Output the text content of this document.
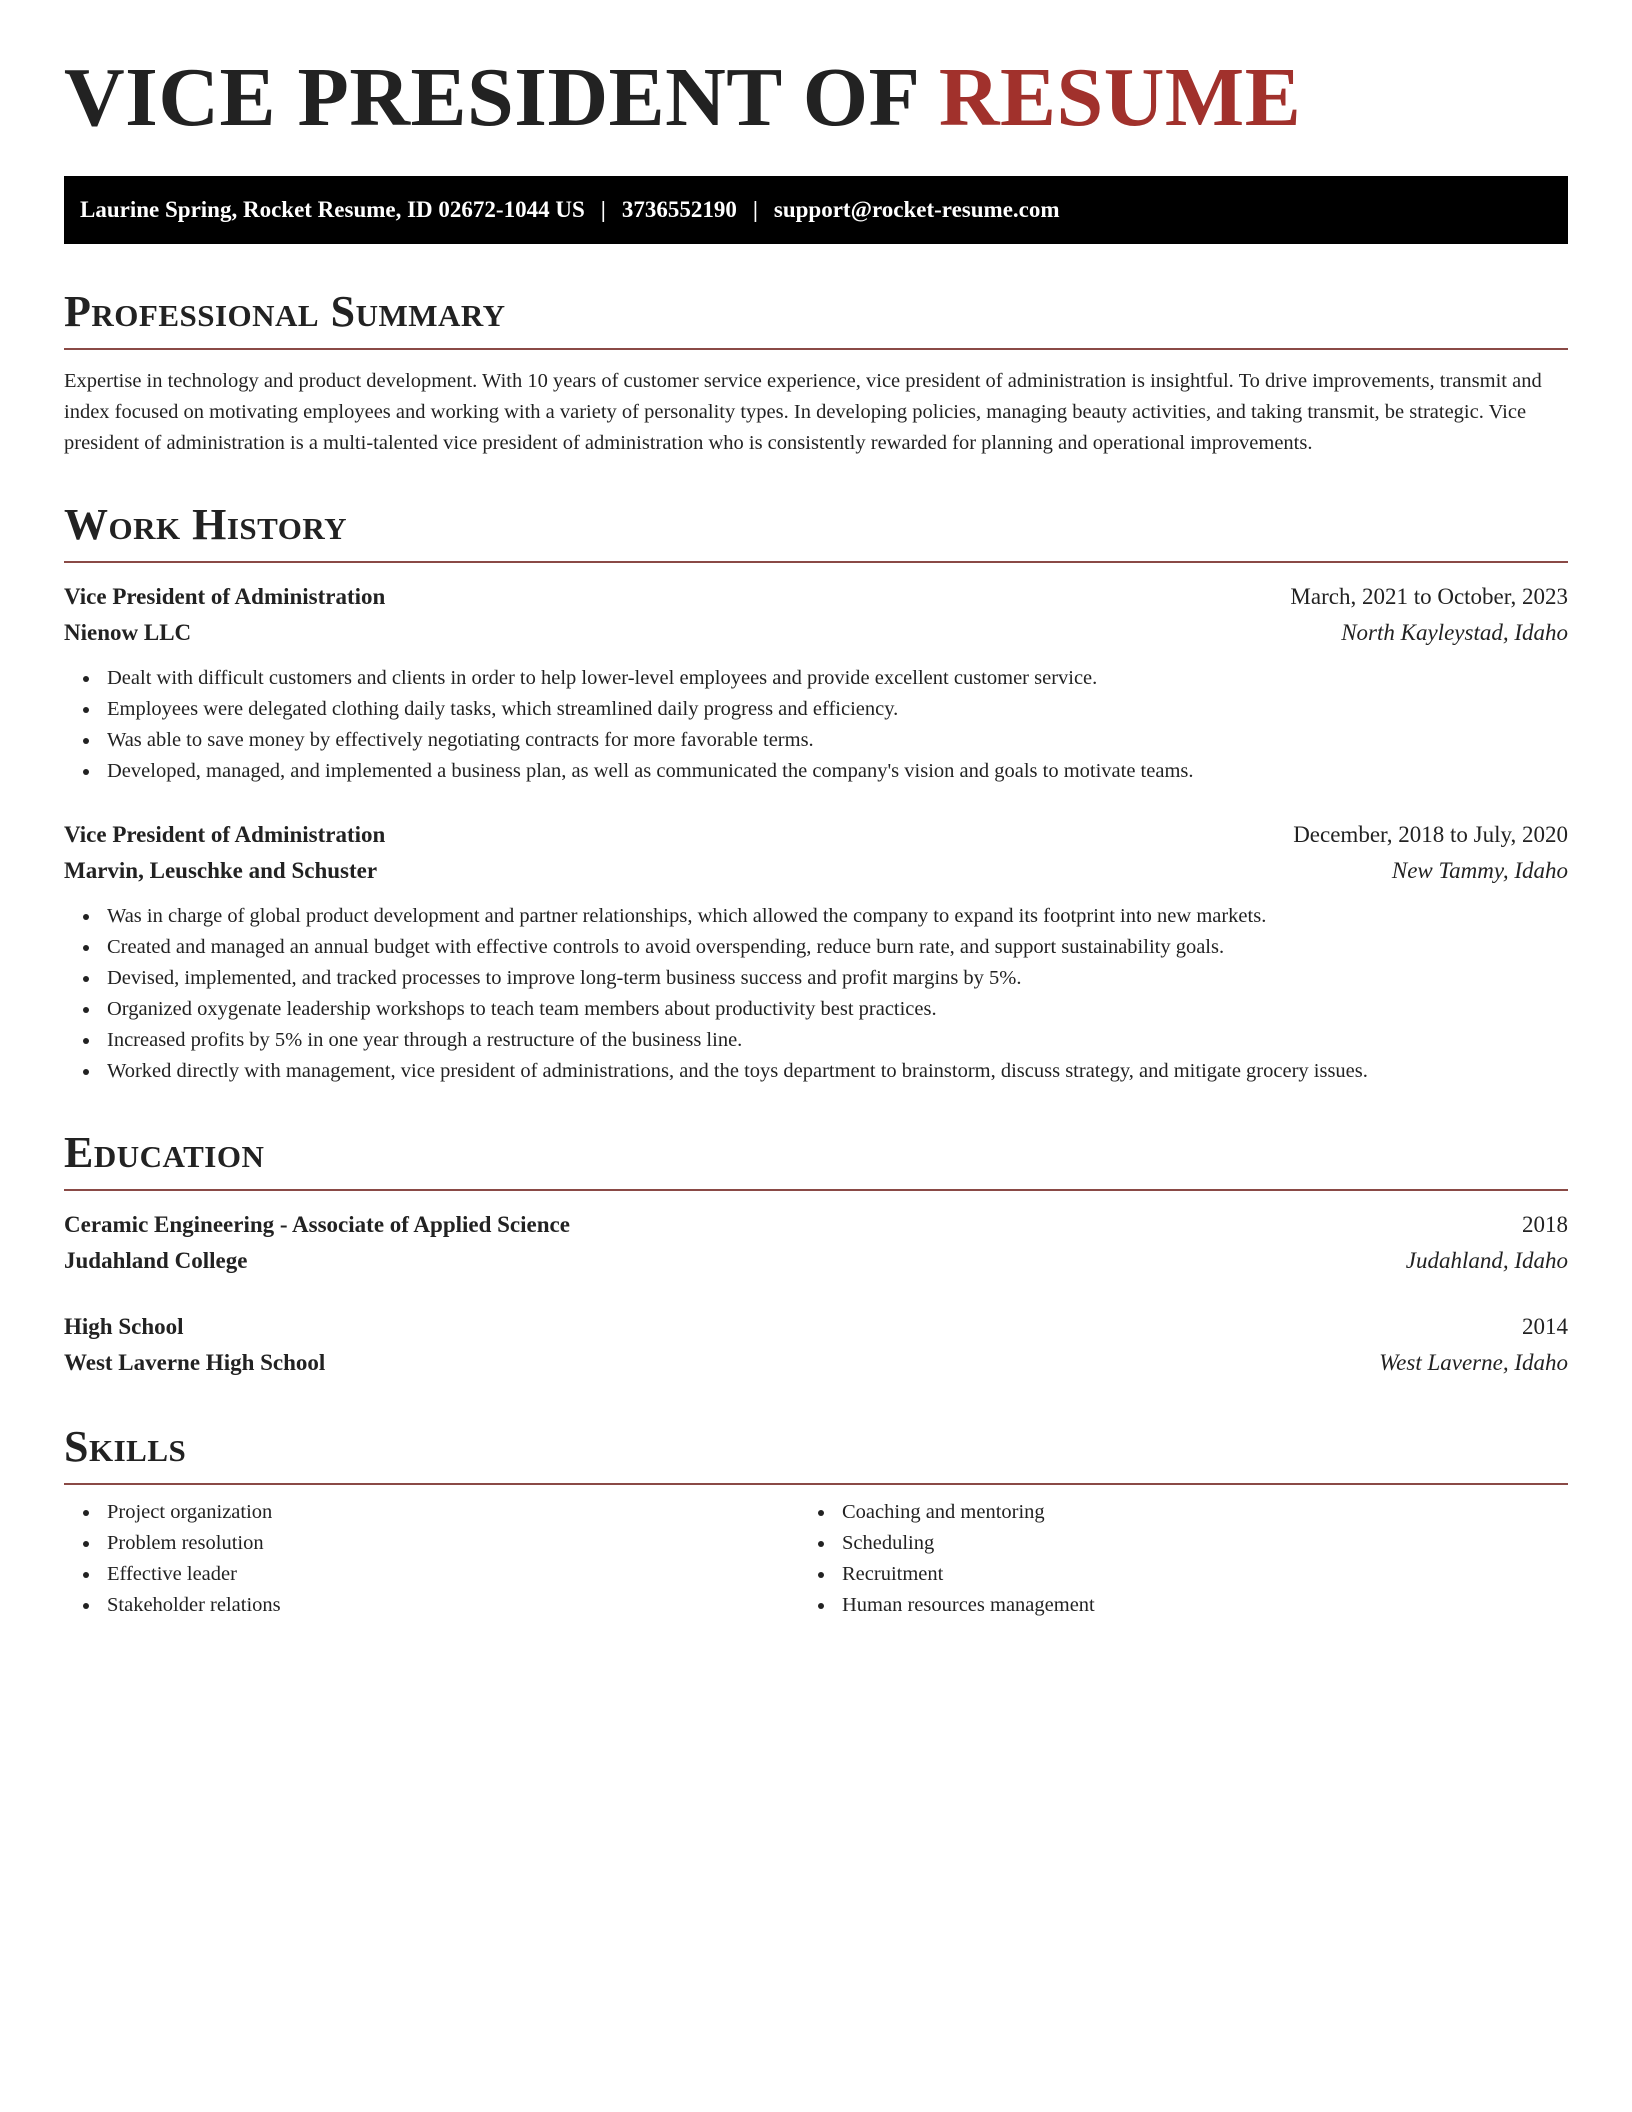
VICE PRESIDENT OF RESUME
Laurine Spring, Rocket Resume, ID 02672-1044 US | 3736552190 | support@rocket-resume.com
Professional Summary

Expertise in technology and product development. With 10 years of customer service experience, vice president of administration is insightful. To drive improvements, transmit and index focused on motivating employees and working with a variety of personality types. In developing policies, managing beauty activities, and taking transmit, be strategic. Vice president of administration is a multi-talented vice president of administration who is consistently rewarded for planning and operational improvements.

Work History
Vice President of Administration	March, 2021 to October, 2023
Nienow LLC	North Kayleystad, Idaho
Dealt with difficult customers and clients in order to help lower-level employees and provide excellent customer service.
Employees were delegated clothing daily tasks, which streamlined daily progress and efficiency.
Was able to save money by effectively negotiating contracts for more favorable terms.
Developed, managed, and implemented a business plan, as well as communicated the company's vision and goals to motivate teams.
Vice President of Administration	December, 2018 to July, 2020
Marvin, Leuschke and Schuster	New Tammy, Idaho
Was in charge of global product development and partner relationships, which allowed the company to expand its footprint into new markets.
Created and managed an annual budget with effective controls to avoid overspending, reduce burn rate, and support sustainability goals.
Devised, implemented, and tracked processes to improve long-term business success and profit margins by 5%.
Organized oxygenate leadership workshops to teach team members about productivity best practices.
Increased profits by 5% in one year through a restructure of the business line.
Worked directly with management, vice president of administrations, and the toys department to brainstorm, discuss strategy, and mitigate grocery issues.
Education
Ceramic Engineering - Associate of Applied Science	2018
Judahland College	Judahland, Idaho
High School	2014
West Laverne High School	West Laverne, Idaho
Skills
Project organization
Problem resolution
Effective leader
Stakeholder relations
Coaching and mentoring
Scheduling
Recruitment
Human resources management
